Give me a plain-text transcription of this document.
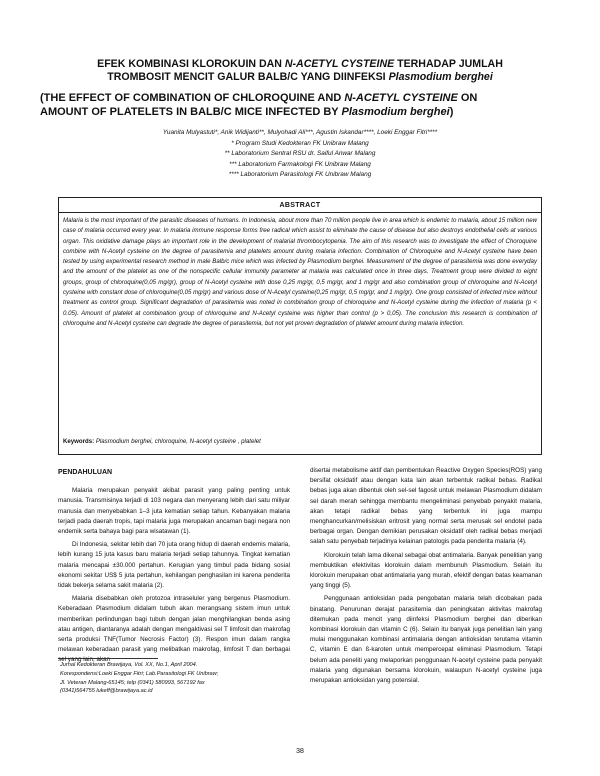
EFEK KOMBINASI KLOROKUIN DAN N-ACETYL CYSTEINE TERHADAP JUMLAH
TROMBOSIT MENCIT GALUR BALB/C YANG DIINFEKSI Plasmodium berghei
(THE EFFECT OF COMBINATION OF CHLOROQUINE AND N-ACETYL CYSTEINE ON
AMOUNT OF PLATELETS IN BALB/C MICE INFECTED BY Plasmodium berghei)
Yuanita Mulyastuti*, Anik Widijanti**, Mulyohadi Ali***, Agustin Iskandar****, Loeki Enggar Fitri****
* Program Studi Kedokteran FK Unibraw Malang
** Laboratorium Sentral RSU dr. Saiful Anwar Malang
*** Laboratorium Farmakologi FK Unibraw Malang
**** Laboratorium Parasitologi FK Unibraw Malang
ABSTRACT
Malaria is the most important of the parasitic diseases of humans. In Indonesia, about more than 70 million people live in area which is endemic to malaria, about 15 million new case of malaria occurred every year. In malaria immune response forms free radical which assist to eliminate the cause of disease but also destroys endothelial cells at various organ. This oxidative damage plays an important role in the development of malarial thrombocytopenia. The aim of this research was to investigate the effect of Choroquine combine with N-Acetyl cysteine on the degree of parasitemia and platelets amount during malaria infection. Combination of Chloroquine and N-Acetyl cysteine have been tested by using experimental research method in male Balb/c mice which was infected by Plasmodium berghei. Measurement of the degree of parasitemia was done everyday and the amount of the platelet as one of the nonspecific cellular immunity parameter at malaria was calculated once in three days. Treatment group were divided to eight groups, group of chloroquine(0,05 mg/gr), group of N-Acetyl cysteine with dose 0,25 mg/gr, 0,5 mg/gr, and 1 mg/gr and also combination group of chloroquine and N-Acetyl cysteine with constant dose of chloroquine(0,05 mg/gr) and various dose of N-Acetyl cysteine(0,25 mg/gr, 0,5 mg/gr, and 1 mg/gr). One group consisted of infected mice without treatment as control group. Significant degradation of parasitemia was noted in combination group of chloroquine and N-Acetyl cysteine during the infection of malaria (p < 0.05). Amount of platelet at combination group of chloroquine and N-Acetyl cysteine was higher than control (p > 0,05). The conclusion this research is combination of chloroquine and N-Acetyl cysteine can degrade the degree of parasitemia, but not yet proven degradation of platelet amount during malaria infection.
Keywords: Plasmodium berghei, chloroquine, N-acetyl cysteine , platelet
PENDAHULUAN

Malaria merupakan penyakit akibat parasit yang paling penting untuk manusia. Transmisinya terjadi di 103 negara dan menyerang lebih dari satu miliyar manusia dan menyebabkan 1–3 juta kematian setiap tahun. Kebanyakan malaria terjadi pada daerah tropis, tapi malaria juga merupakan ancaman bagi negara non endemik serta bahaya bagi para wisatawan (1).

Di Indonesia, sekitar lebih dari 70 juta orang hidup di daerah endemis malaria, lebih kurang 15 juta kasus baru malaria terjadi setiap tahunnya. Tingkat kematian malaria mencapai ±30.000 pertahun. Kerugian yang timbul pada bidang sosial ekonomi sekitar US$ 5 juta pertahun, kehilangan penghasilan ini karena penderita tidak bekerja selama sakit malaria (2).

Malaria disebabkan oleh protozoa intraseluler yang bergenus Plasmodium. Keberadaan Plasmodium didalam tubuh akan merangsang sistem imun untuk memberikan perlindungan bagi tubuh dengan jalan menghilangkan benda asing atau antigen, diantaranya adalah dengan mengaktivasi sel T limfosit dan makrofag serta produksi TNF(Tumor Necrosis Factor) (3). Respon imun dalam rangka melawan keberadaan parasit yang melibatkan makrofag, limfosit T dan berbagai sel yang lain, akan

disertai metabolisme aktif dan pembentukan Reactive Oxygen Species(ROS) yang bersifat oksidatif atau dengan kata lain akan terbentuk radikal bebas. Radikal bebas juga akan dibentuk oleh sel-sel fagosit untuk melawan Plasmodium didalam sel darah merah sehingga membantu mengeliminasi penyebab penyakit malaria, akan tetapi radikal bebas yang terbentuk ini juga mampu menghancurkan/melisiskan eritrosit yang normal serta merusak sel endotel pada berbagai organ. Dengan demikian perusakan oksidatif oleh radikal bebas menjadi salah satu penyebab terjadinya kelainan patologis pada penderita malaria (4).

Klorokuin telah lama dikenal sebagai obat antimalaria. Banyak penelitian yang membuktikan efektivitas klorokuin dalam membunuh Plasmodium. Selain itu klorokuin merupakan obat antimalaria yang murah, efektif dengan batas keamanan yang tinggi (5).

Penggunaan antioksidan pada pengobatan malaria telah dicobakan pada binatang. Penurunan derajat parasitemia dan peningkatan aktivitas makrofag ditemukan pada mencit yang diinfeksi Plasmodium berghei dan diberikan kombinasi klorokuin dan vitamin C (6). Selain itu banyak juga penelitian lain yang mulai menggunakan kombinasi antimalaria dengan antioksidan terutama vitamin C, vitamin E dan ß-karoten untuk mempercepat eliminasi Plasmodium. Tetapi belum ada peneliti yang melaporkan penggunaan N-acetyl cysteine pada penyakit malaria yang digunakan bersama klorokuin, walaupun N-acetyl cysteine juga merupakan antioksidan yang potensial.

Jurnal Kedokteran Brawijaya, Vol. XX, No.1, April 2004.
Korespondensi:Loeki Enggar Fitri; Lab.Parasitologi FK Unibraw;
Jl. Veteran Malang-65145; telp (0341) 580993, 567192 fax
(0341)564755 lukeff@brawijaya.ac.id
38
